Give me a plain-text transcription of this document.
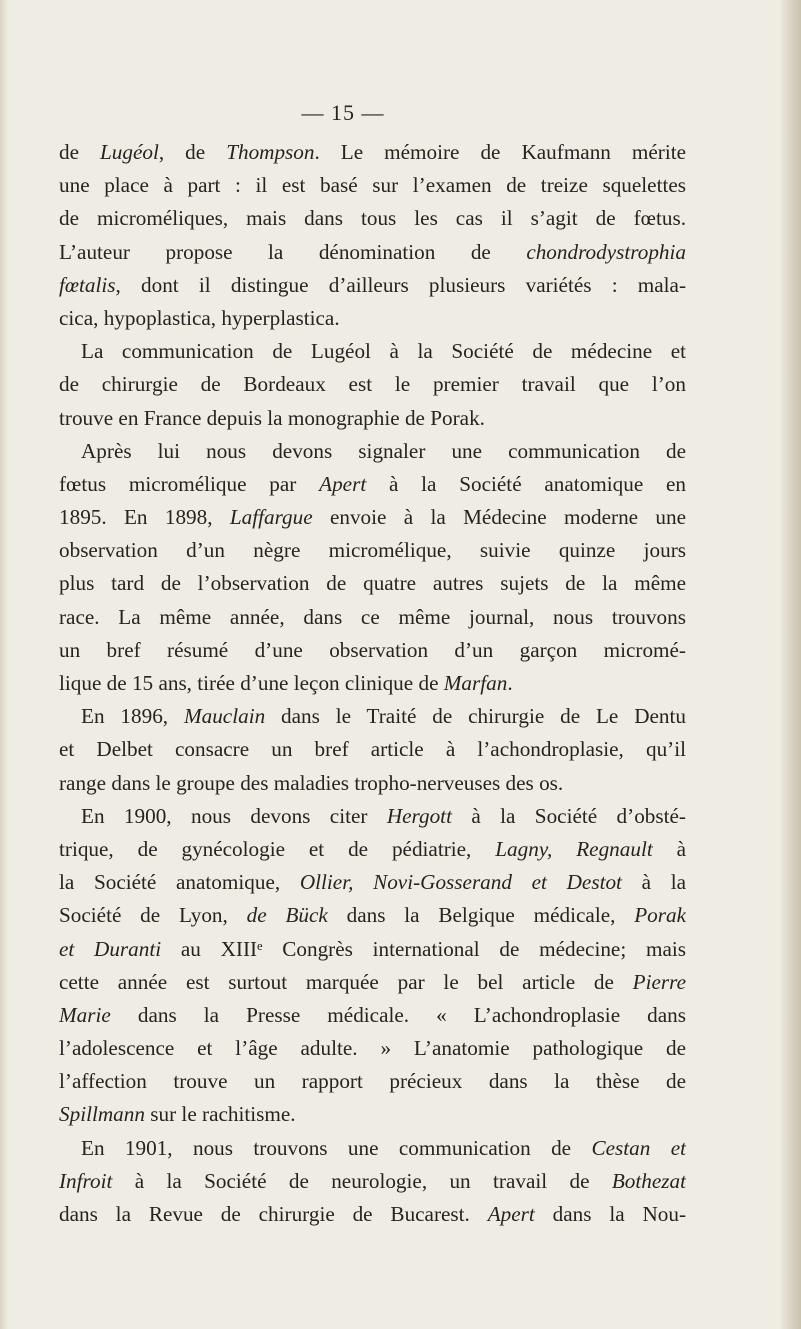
— 15 —
de Lugéol, de Thompson. Le mémoire de Kaufmann mérite
une place à part : il est basé sur l’examen de treize squelettes
de microméliques, mais dans tous les cas il s’agit de fœtus.
L’auteur propose la dénomination de chondrodystrophia
fœtalis, dont il distingue d’ailleurs plusieurs variétés : mala-
cica, hypoplastica, hyperplastica.
La communication de Lugéol à la Société de médecine et
de chirurgie de Bordeaux est le premier travail que l’on
trouve en France depuis la monographie de Porak.
Après lui nous devons signaler une communication de
fœtus micromélique par Apert à la Société anatomique en
1895. En 1898, Laffargue envoie à la Médecine moderne une
observation d’un nègre micromélique, suivie quinze jours
plus tard de l’observation de quatre autres sujets de la même
race. La même année, dans ce même journal, nous trouvons
un bref résumé d’une observation d’un garçon micromé-
lique de 15 ans, tirée d’une leçon clinique de Marfan.
En 1896, Mauclain dans le Traité de chirurgie de Le Dentu
et Delbet consacre un bref article à l’achondroplasie, qu’il
range dans le groupe des maladies tropho-nerveuses des os.
En 1900, nous devons citer Hergott à la Société d’obsté-
trique, de gynécologie et de pédiatrie, Lagny, Regnault à
la Société anatomique, Ollier, Novi-Gosserand et Destot à la
Société de Lyon, de Bück dans la Belgique médicale, Porak
et Duranti au XIIIᵉ Congrès international de médecine; mais
cette année est surtout marquée par le bel article de Pierre
Marie dans la Presse médicale. « L’achondroplasie dans
l’adolescence et l’âge adulte. » L’anatomie pathologique de
l’affection trouve un rapport précieux dans la thèse de
Spillmann sur le rachitisme.
En 1901, nous trouvons une communication de Cestan et
Infroit à la Société de neurologie, un travail de Bothezat
dans la Revue de chirurgie de Bucarest. Apert dans la Nou-
